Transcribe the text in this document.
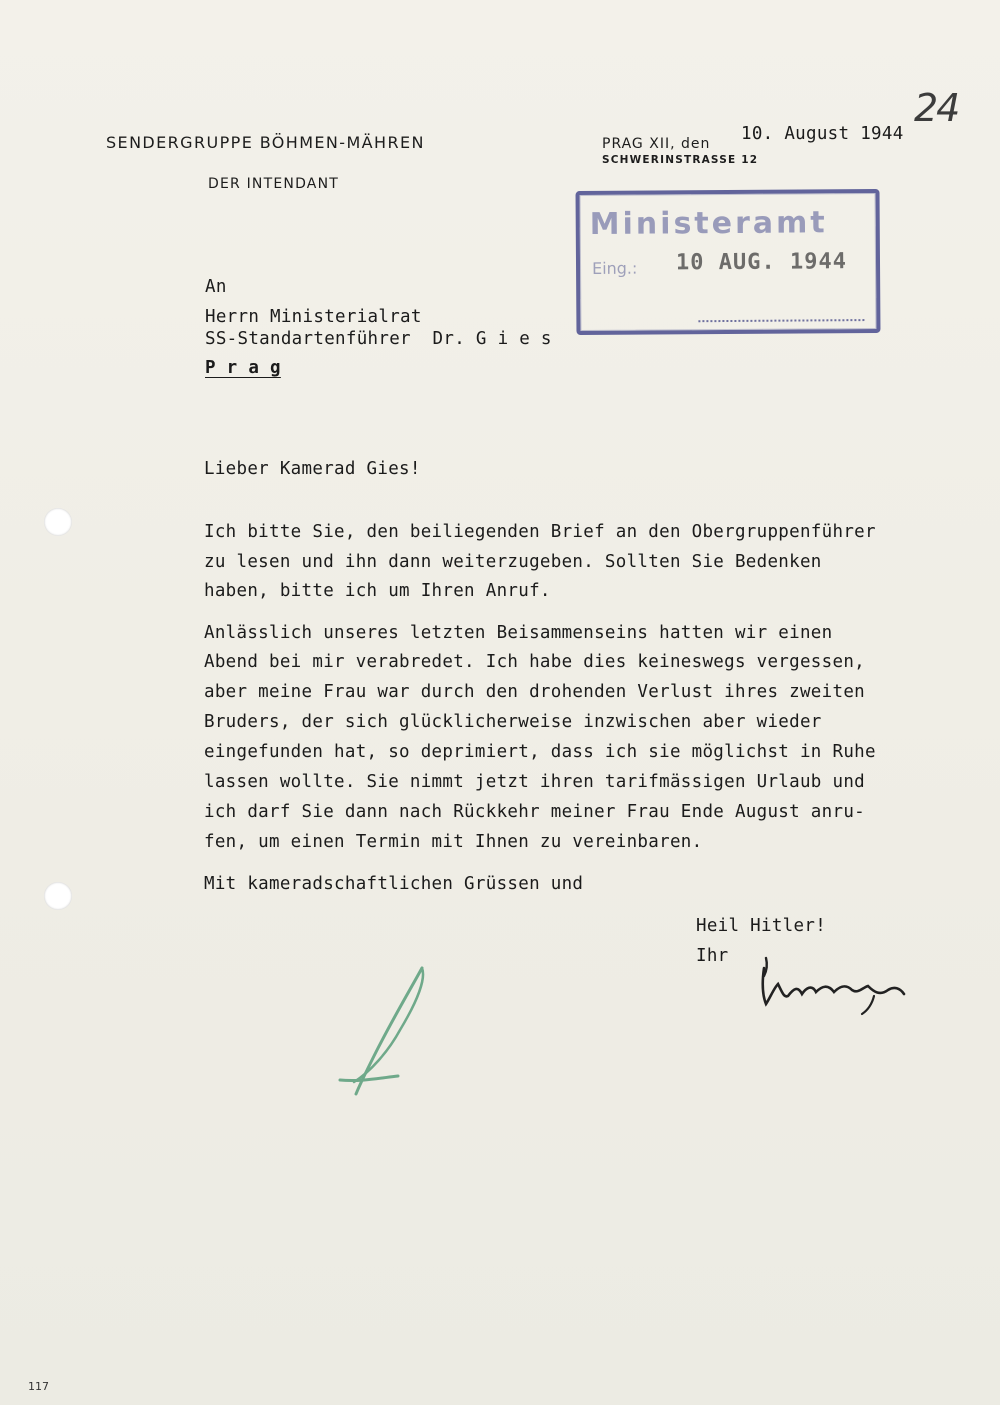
SENDERGRUPPE BÖHMEN-MÄHREN
DER INTENDANT
PRAG XII, den
SCHWERINSTRASSE 12
10. August 1944
24
Ministeramt
Eing.: 10 AUG. 1944
An
Herrn Ministerialrat
SS-Standartenführer  Dr. G i e s
P r a g
Lieber Kamerad Gies!
Ich bitte Sie, den beiliegenden Brief an den Obergruppenführer
zu lesen und ihn dann weiterzugeben. Sollten Sie Bedenken
haben, bitte ich um Ihren Anruf.
Anlässlich unseres letzten Beisammenseins hatten wir einen
Abend bei mir verabredet. Ich habe dies keineswegs vergessen,
aber meine Frau war durch den drohenden Verlust ihres zweiten
Bruders, der sich glücklicherweise inzwischen aber wieder
eingefunden hat, so deprimiert, dass ich sie möglichst in Ruhe
lassen wollte. Sie nimmt jetzt ihren tarifmässigen Urlaub und
ich darf Sie dann nach Rückkehr meiner Frau Ende August anru-
fen, um einen Termin mit Ihnen zu vereinbaren.
Mit kameradschaftlichen Grüssen und
Heil Hitler!
Ihr
117
